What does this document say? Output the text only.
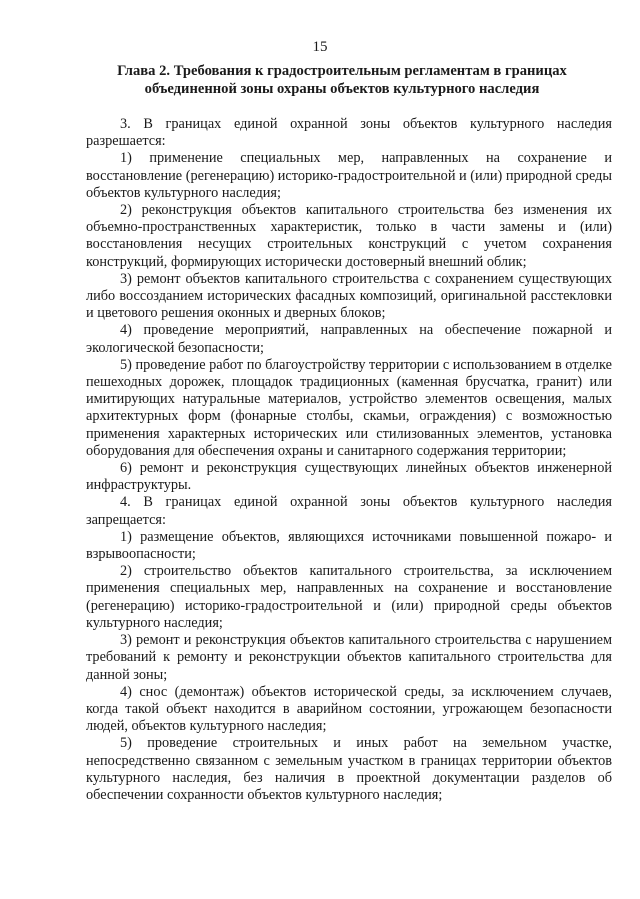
15
Глава 2. Требования к градостроительным регламентам в границах объединенной зоны охраны объектов культурного наследия

3. В границах единой охранной зоны объектов культурного наследия разрешается:

1) применение специальных мер, направленных на сохранение и восстановление (регенерацию) историко-градостроительной и (или) природной среды объектов культурного наследия;

2) реконструкция объектов капитального строительства без изменения их объемно-пространственных характеристик, только в части замены и (или) восстановления несущих строительных конструкций с учетом сохранения конструкций, формирующих исторически достоверный внешний облик;

3) ремонт объектов капитального строительства с сохранением существующих либо воссозданием исторических фасадных композиций, оригинальной расстекловки и цветового решения оконных и дверных блоков;

4) проведение мероприятий, направленных на обеспечение пожарной и экологической безопасности;

5) проведение работ по благоустройству территории с использованием в отделке пешеходных дорожек, площадок традиционных (каменная брусчатка, гранит) или имитирующих натуральные материалов, устройство элементов освещения, малых архитектурных форм (фонарные столбы, скамьи, ограждения) с возможностью применения характерных исторических или стилизованных элементов, установка оборудования для обеспечения охраны и санитарного содержания территории;

6) ремонт и реконструкция существующих линейных объектов инженерной инфраструктуры.

4. В границах единой охранной зоны объектов культурного наследия запрещается:

1) размещение объектов, являющихся источниками повышенной пожаро- и взрывоопасности;

2) строительство объектов капитального строительства, за исключением применения специальных мер, направленных на сохранение и восстановление (регенерацию) историко-градостроительной и (или) природной среды объектов культурного наследия;

3) ремонт и реконструкция объектов капитального строительства с нарушением требований к ремонту и реконструкции объектов капитального строительства для данной зоны;

4) снос (демонтаж) объектов исторической среды, за исключением случаев, когда такой объект находится в аварийном состоянии, угрожающем безопасности людей, объектов культурного наследия;

5) проведение строительных и иных работ на земельном участке, непосредственно связанном с земельным участком в границах территории объектов культурного наследия, без наличия в проектной документации разделов об обеспечении сохранности объектов культурного наследия;
